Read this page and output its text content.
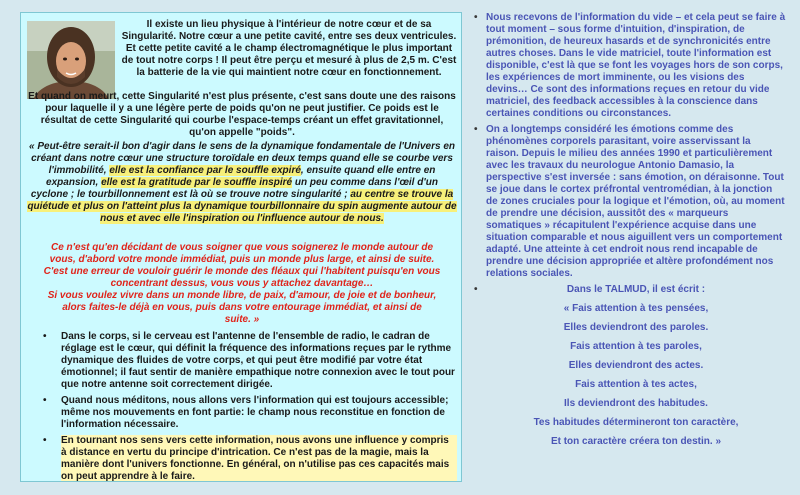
Il existe un lieu physique à l'intérieur de notre cœur et de sa Singularité. Notre cœur a une petite cavité, entre ses deux ventricules. Et cette petite cavité a le champ électromagnétique le plus important de tout notre corps ! Il peut être perçu et mesuré à plus de 2,5 m. C'est la batterie de la vie qui maintient notre cœur en fonctionnement.

Et quand on meurt, cette Singularité n'est plus présente, c'est sans doute une des raisons pour laquelle il y a une légère perte de poids qu'on ne peut justifier. Ce poids est le résultat de cette Singularité qui courbe l'espace-temps créant un effet gravitationnel, qu'on appelle "poids".

« Peut-être serait-il bon d'agir dans le sens de la dynamique fondamentale de l'Univers en créant dans notre cœur une structure toroïdale en deux temps quand elle se courbe vers l'immobilité, elle est la confiance par le souffle expiré, ensuite quand elle entre en expansion, elle est la gratitude par le souffle inspiré un peu comme dans l'œil d'un cyclone ; le tourbillonnement est là où se trouve notre singularité ; au centre se trouve la quiétude et plus on l'atteint plus la dynamique tourbillonnaire du spin augmente autour de nous et avec elle l'inspiration ou l'influence autour de nous.

Ce n'est qu'en décidant de vous soigner que vous soignerez le monde autour de
vous, d'abord votre monde immédiat, puis un monde plus large, et ainsi de suite.
C'est une erreur de vouloir guérir le monde des fléaux qui l'habitent puisqu'en vous
concentrant dessus, vous vous y attachez davantage…
Si vous voulez vivre dans un monde libre, de paix, d'amour, de joie et de bonheur,
alors faites-le déjà en vous, puis dans votre entourage immédiat, et ainsi de
suite. »

• Dans le corps, si le cerveau est l'antenne de l'ensemble de radio, le cadran de réglage est le cœur, qui définit la fréquence des informations reçues par le rythme dynamique des fluides de votre corps, et qui peut être modifié par votre état émotionnel; il faut sentir de manière empathique notre connexion avec le tout pour que notre antenne soit correctement dirigée.
• Quand nous méditons, nous allons vers l'information qui est toujours accessible; même nos mouvements en font partie: le champ nous reconstitue en fonction de l'information nécessaire.
• En tournant nos sens vers cette information, nous avons une influence y compris à distance en vertu du principe d'intrication. Ce n'est pas de la magie, mais la manière dont l'univers fonctionne. En général, on n'utilise pas ces capacités mais on peut apprendre à le faire.
• Nous recevons de l'information du vide – et cela peut se faire à tout moment – sous forme d'intuition, d'inspiration, de prémonition, de heureux hasards et de synchronicités entre autres choses. Dans le vide matriciel, toute l'information est disponible, c'est là que se font les voyages hors de son corps, les expériences de mort imminente, ou les visions des devins… Ce sont des informations reçues en retour du vide matriciel, des feedback accessibles à la conscience dans certaines conditions ou circonstances.
• On a longtemps considéré les émotions comme des phénomènes corporels parasitant, voire asservissant la raison. Depuis le milieu des années 1990 et particulièrement avec les travaux du neurologue Antonio Damasio, la perspective s'est inversée : sans émotion, on déraisonne. Tout se joue dans le cortex préfrontal ventromédian, à la jonction de zones cruciales pour la logique et l'émotion, où, au moment de prendre une décision, aussitôt des « marqueurs somatiques » récapitulent l'expérience acquise dans une situation comparable et nous aiguillent vers un comportement adapté. Une atteinte à cet endroit nous rend incapable de prendre une décision appropriée et altère profondément nos relations sociales.
• Dans le TALMUD, il est écrit :
« Fais attention à tes pensées,
Elles deviendront des paroles.
Fais attention à tes paroles,
Elles deviendront des actes.
Fais attention à tes actes,
Ils deviendront des habitudes.
Tes habitudes détermineront ton caractère,
Et ton caractère créera ton destin. »
